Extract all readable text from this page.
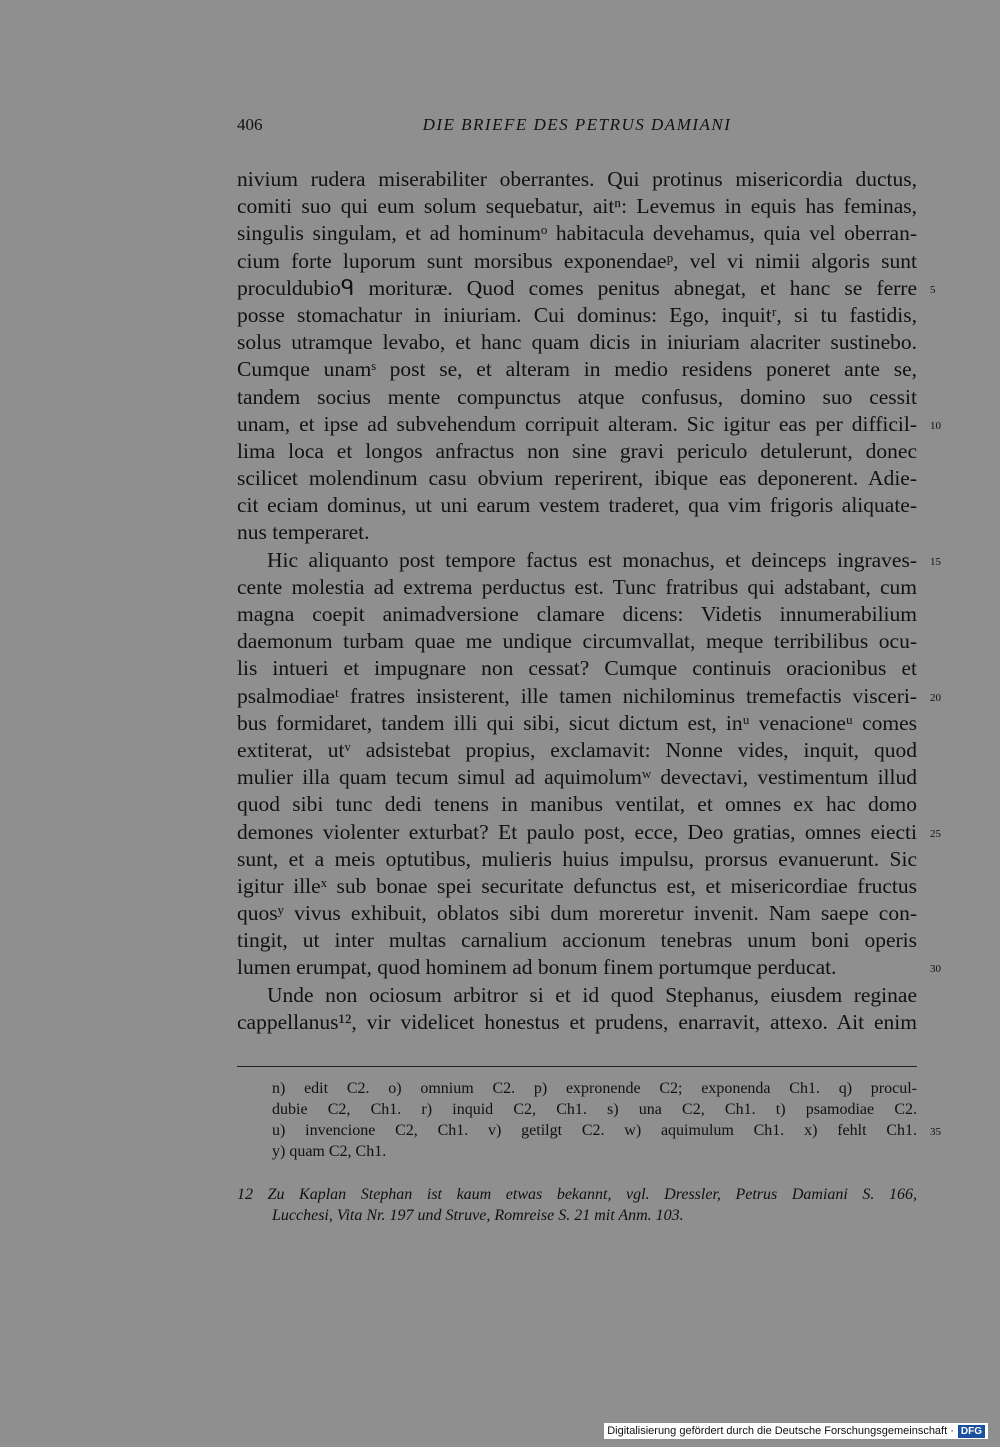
406	DIE BRIEFE DES PETRUS DAMIANI
nivium rudera miserabiliter oberrantes. Qui protinus misericordia ductus,
comiti suo qui eum solum sequebatur, aitⁿ: Levemus in equis has feminas,
singulis singulam, et ad hominumᵒ habitacula devehamus, quia vel oberran-
cium forte luporum sunt morsibus exponendaeᵖ, vel vi nimii algoris sunt
proculdubioᑫ morituræ. Quod comes penitus abnegat, et hanc se ferre 5
posse stomachatur in iniuriam. Cui dominus: Ego, inquitʳ, si tu fastidis,
solus utramque levabo, et hanc quam dicis in iniuriam alacriter sustinebo.
Cumque unamˢ post se, et alteram in medio residens poneret ante se,
tandem socius mente compunctus atque confusus, domino suo cessit
unam, et ipse ad subvehendum corripuit alteram. Sic igitur eas per difficil- 10
lima loca et longos anfractus non sine gravi periculo detulerunt, donec
scilicet molendinum casu obvium reperirent, ibique eas deponerent. Adie-
cit eciam dominus, ut uni earum vestem traderet, qua vim frigoris aliquate-
nus temperaret.
Hic aliquanto post tempore factus est monachus, et deinceps ingraves- 15
cente molestia ad extrema perductus est. Tunc fratribus qui adstabant, cum
magna coepit animadversione clamare dicens: Videtis innumerabilium
daemonum turbam quae me undique circumvallat, meque terribilibus ocu-
lis intueri et impugnare non cessat? Cumque continuis oracionibus et
psalmodiaeᵗ fratres insisterent, ille tamen nichilominus tremefactis visceri- 20
bus formidaret, tandem illi qui sibi, sicut dictum est, inᵘ venacioneᵘ comes
extiterat, utᵛ adsistebat propius, exclamavit: Nonne vides, inquit, quod
mulier illa quam tecum simul ad aquimolumʷ devectavi, vestimentum illud
quod sibi tunc dedi tenens in manibus ventilat, et omnes ex hac domo
demones violenter exturbat? Et paulo post, ecce, Deo gratias, omnes eiecti 25
sunt, et a meis optutibus, mulieris huius impulsu, prorsus evanuerunt. Sic
igitur illeˣ sub bonae spei securitate defunctus est, et misericordiae fructus
quosʸ vivus exhibuit, oblatos sibi dum moreretur invenit. Nam saepe con-
tingit, ut inter multas carnalium accionum tenebras unum boni operis
lumen erumpat, quod hominem ad bonum finem portumque perducat.	30
Unde non ociosum arbitror si et id quod Stephanus, eiusdem reginae
cappellanus¹², vir videlicet honestus et prudens, enarravit, attexo. Ait enim
n) edit C2. o) omnium C2. p) expronende C2; exponenda Ch1. q) procul-
dubie C2, Ch1. r) inquid C2, Ch1. s) una C2, Ch1. t) psamodiae C2.
u) invencione C2, Ch1. v) getilgt C2. w) aquimulum Ch1. x) fehlt Ch1. 35
y) quam C2, Ch1.
12 Zu Kaplan Stephan ist kaum etwas bekannt, vgl. Dressler, Petrus Damiani S. 166,
Lucchesi, Vita Nr. 197 und Struve, Romreise S. 21 mit Anm. 103.
Digitalisierung gefördert durch die Deutsche Forschungsgemeinschaft · DFG
